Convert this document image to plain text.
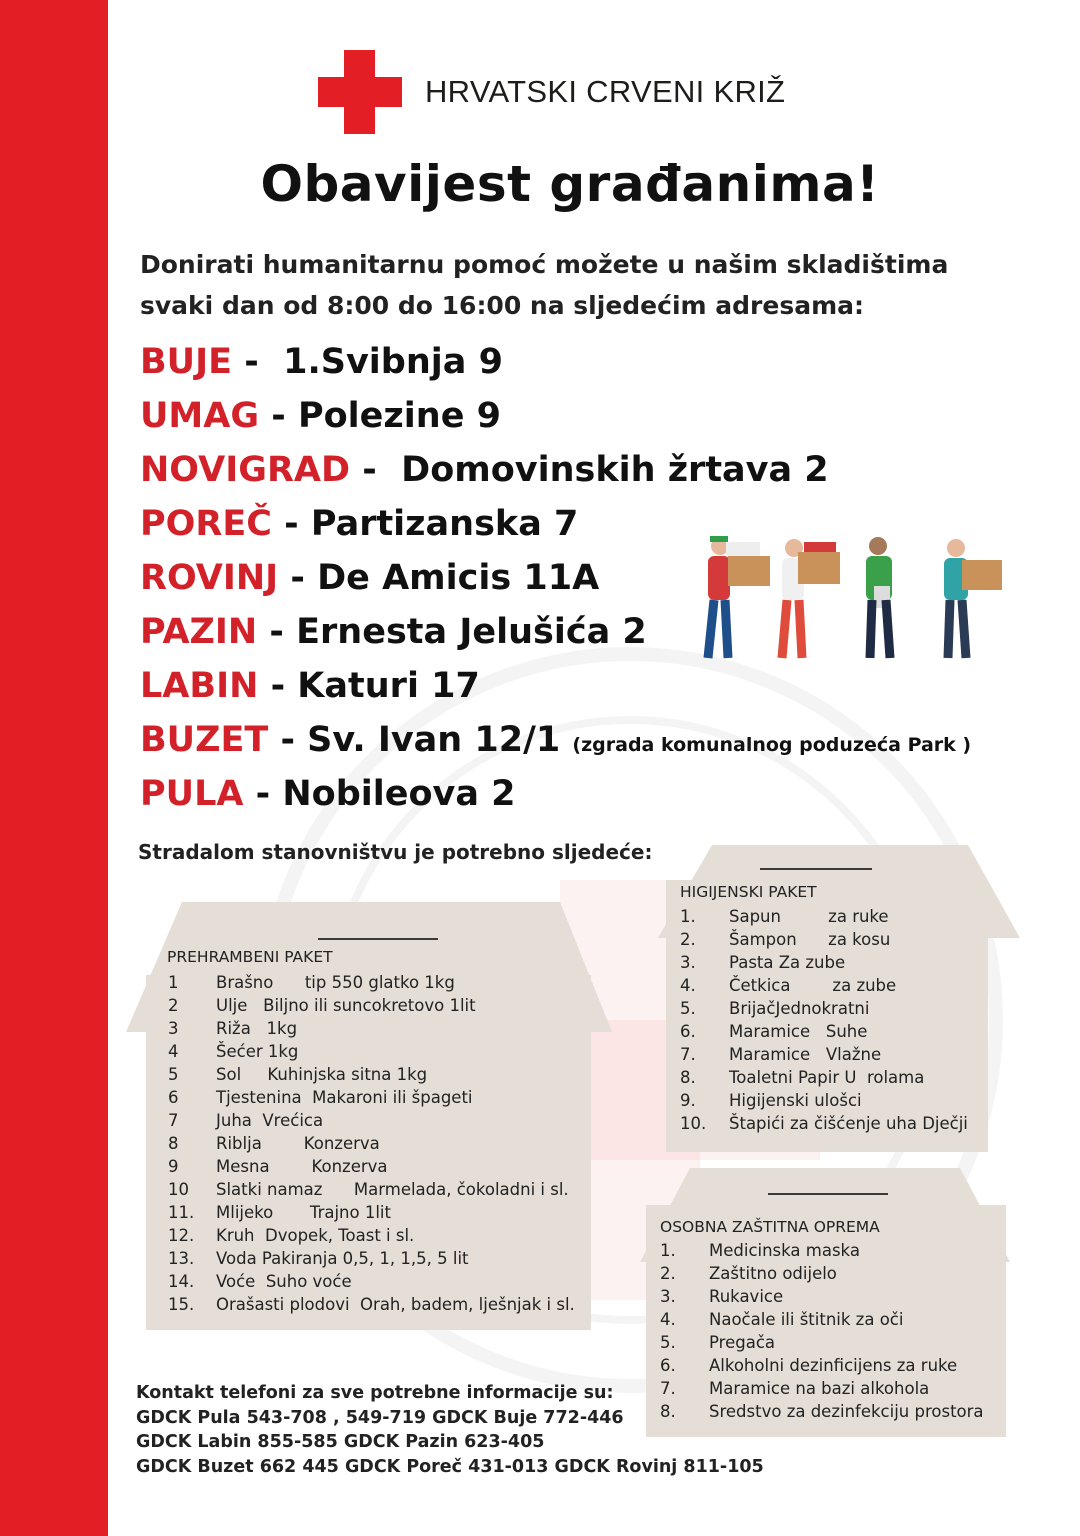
HRVATSKI CRVENI KRIŽ
Obavijest građanima!
Donirati humanitarnu pomoć možete u našim skladištima
svaki dan od 8:00 do 16:00 na sljedećim adresama:
BUJE -  1.Svibnja 9
UMAG - Polezine 9
NOVIGRAD -  Domovinskih žrtava 2
POREČ - Partizanska 7
ROVINJ - De Amicis 11A
PAZIN - Ernesta Jelušića 2
LABIN - Katuri 17
BUZET - Sv. Ivan 12/1 (zgrada komunalnog poduzeća Park )
PULA - Nobileova 2
Stradalom stanovništvu je potrebno sljedeće:
PREHRAMBENI PAKET
1 Brašno      tip 550 glatko 1kg
2 Ulje   Biljno ili suncokretovo 1lit
3 Riža   1kg
4 Šećer 1kg
5 Sol     Kuhinjska sitna 1kg
6 Tjestenina  Makaroni ili špageti
7 Juha  Vrećica
8 Riblja        Konzerva
9 Mesna        Konzerva
10 Slatki namaz      Marmelada, čokoladni i sl.
11. Mlijeko       Trajno 1lit
12. Kruh  Dvopek, Toast i sl.
13. Voda Pakiranja 0,5, 1, 1,5, 5 lit
14. Voće  Suho voće
15. Orašasti plodovi  Orah, badem, lješnjak i sl.
HIGIJENSKI PAKET
1. Sapun         za ruke
2. Šampon      za kosu
3. Pasta Za zube
4. Četkica        za zube
5. BrijačJednokratni
6. Maramice   Suhe
7. Maramice   Vlažne
8. Toaletni Papir U  rolama
9. Higijenski ulošci
10. Štapići za čišćenje uha Dječji
OSOBNA ZAŠTITNA OPREMA
1. Medicinska maska
2. Zaštitno odijelo
3. Rukavice
4. Naočale ili štitnik za oči
5. Pregača
6. Alkoholni dezinficijens za ruke
7. Maramice na bazi alkohola
8. Sredstvo za dezinfekciju prostora
Kontakt telefoni za sve potrebne informacije su:
GDCK Pula 543-708 , 549-719 GDCK Buje 772-446
GDCK Labin 855-585 GDCK Pazin 623-405
GDCK Buzet 662 445 GDCK Poreč 431-013 GDCK Rovinj 811-105
